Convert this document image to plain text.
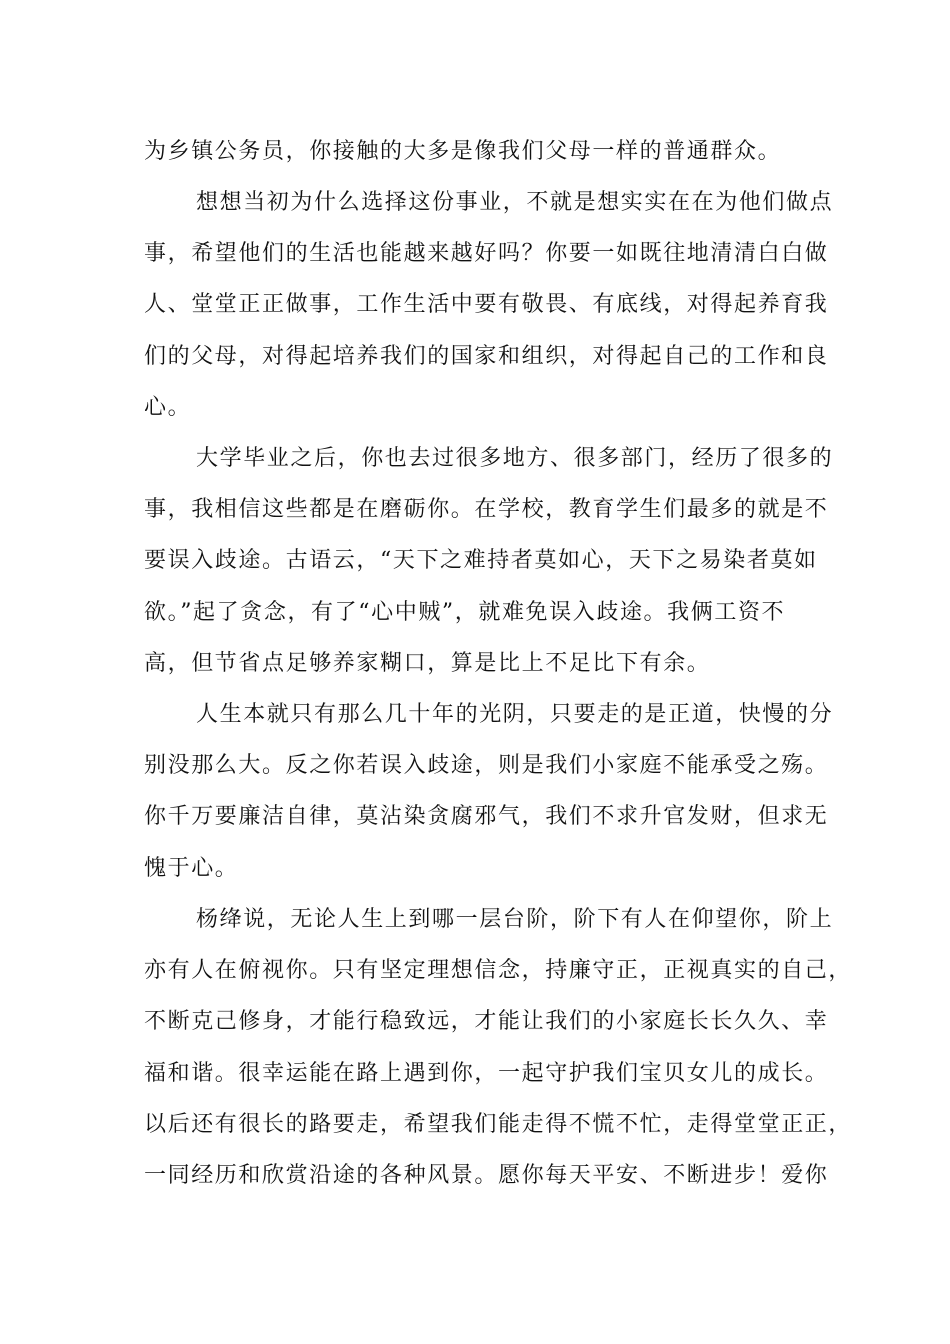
为乡镇公务员，你接触的大多是像我们父母一样的普通群众。
想想当初为什么选择这份事业，不就是想实实在在为他们做点
事，希望他们的生活也能越来越好吗？你要一如既往地清清白白做
人、堂堂正正做事，工作生活中要有敬畏、有底线，对得起养育我
们的父母，对得起培养我们的国家和组织，对得起自己的工作和良
心。
大学毕业之后，你也去过很多地方、很多部门，经历了很多的
事，我相信这些都是在磨砺你。在学校，教育学生们最多的就是不
要误入歧途。古语云，“天下之难持者莫如心，天下之易染者莫如
欲。”起了贪念，有了“心中贼”，就难免误入歧途。我俩工资不
高，但节省点足够养家糊口，算是比上不足比下有余。
人生本就只有那么几十年的光阴，只要走的是正道，快慢的分
别没那么大。反之你若误入歧途，则是我们小家庭不能承受之殇。
你千万要廉洁自律，莫沾染贪腐邪气，我们不求升官发财，但求无
愧于心。
杨绛说，无论人生上到哪一层台阶，阶下有人在仰望你，阶上
亦有人在俯视你。只有坚定理想信念，持廉守正，正视真实的自己，
不断克己修身，才能行稳致远，才能让我们的小家庭长长久久、幸
福和谐。很幸运能在路上遇到你，一起守护我们宝贝女儿的成长。
以后还有很长的路要走，希望我们能走得不慌不忙，走得堂堂正正，
一同经历和欣赏沿途的各种风景。愿你每天平安、不断进步！爱你
